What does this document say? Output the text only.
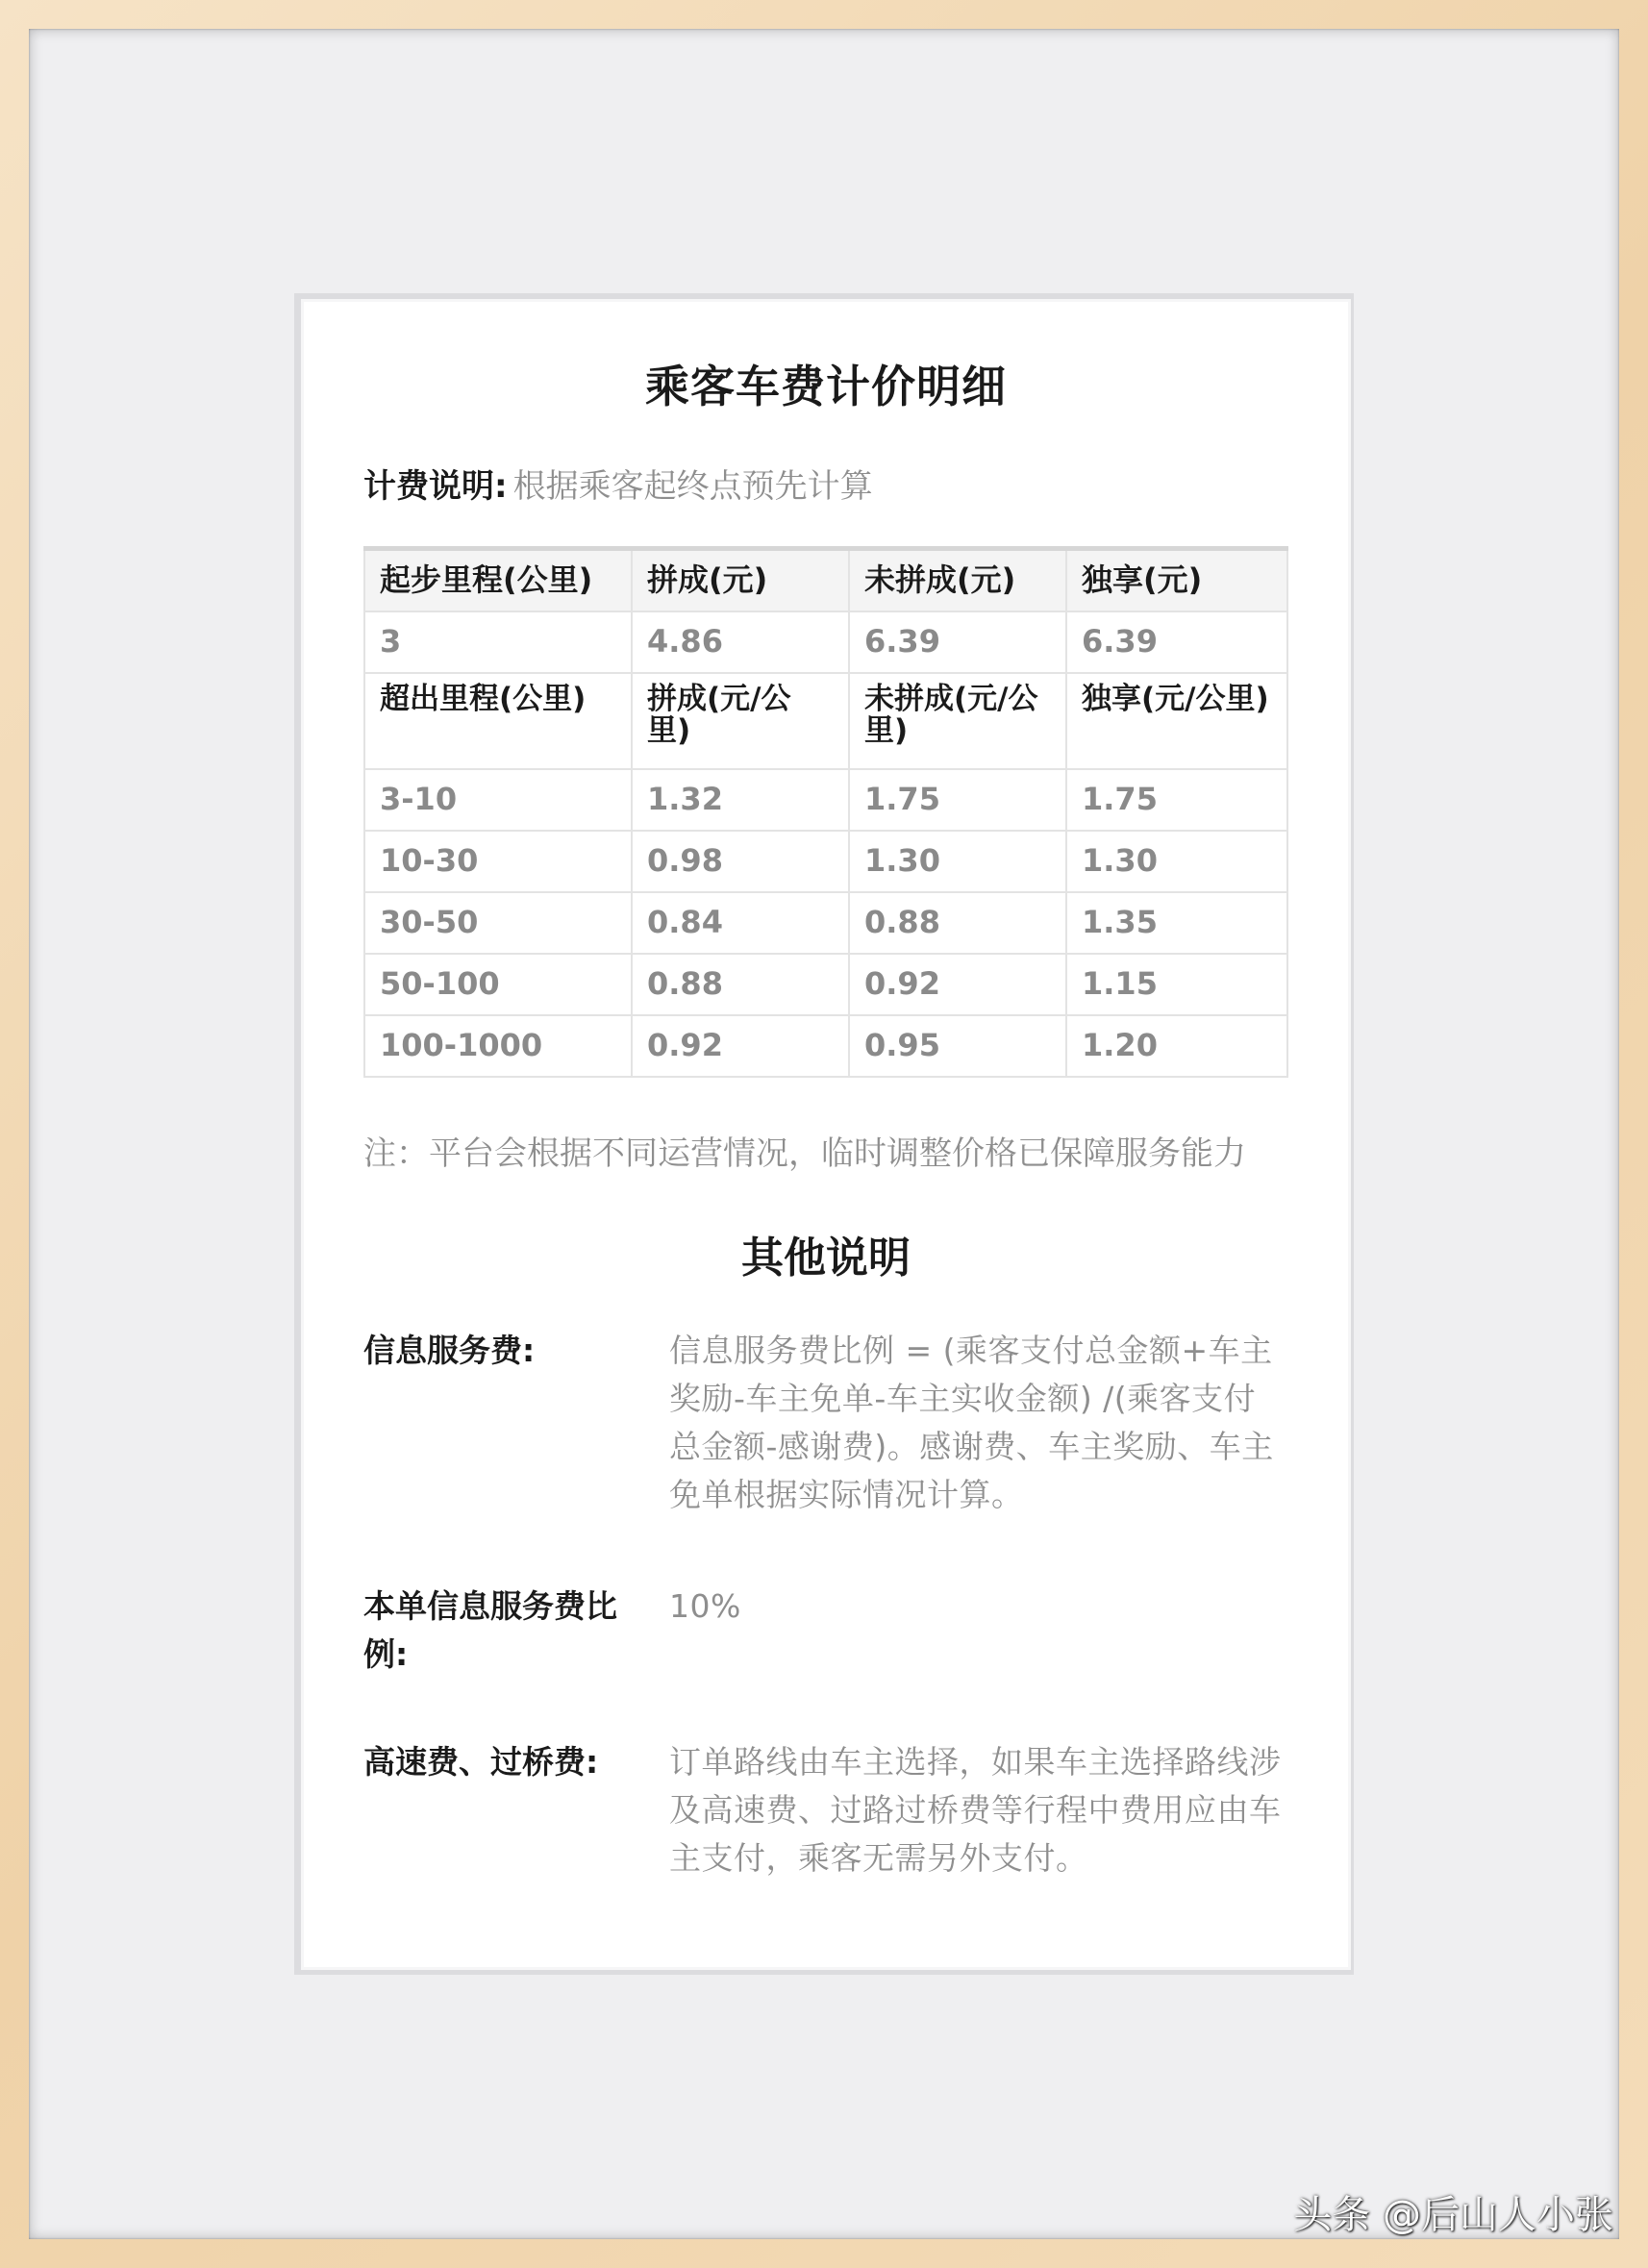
乘客车费计价明细
计费说明: 根据乘客起终点预先计算
起步里程(公里)	拼成(元)	未拼成(元)	独享(元)
3	4.86	6.39	6.39
超出里程(公里)	拼成(元/公里)	未拼成(元/公里)	独享(元/公里)
3-10	1.32	1.75	1.75
10-30	0.98	1.30	1.30
30-50	0.84	0.88	1.35
50-100	0.88	0.92	1.15
100-1000	0.92	0.95	1.20
注：平台会根据不同运营情况，临时调整价格已保障服务能力
其他说明
信息服务费:	信息服务费比例 = (乘客支付总金额+车主奖励-车主免单-车主实收金额) /(乘客支付总金额-感谢费)。感谢费、车主奖励、车主免单根据实际情况计算。
本单信息服务费比例:
10%
高速费、过桥费:	订单路线由车主选择，如果车主选择路线涉及高速费、过路过桥费等行程中费用应由车主支付，乘客无需另外支付。
头条 @后山人小张
